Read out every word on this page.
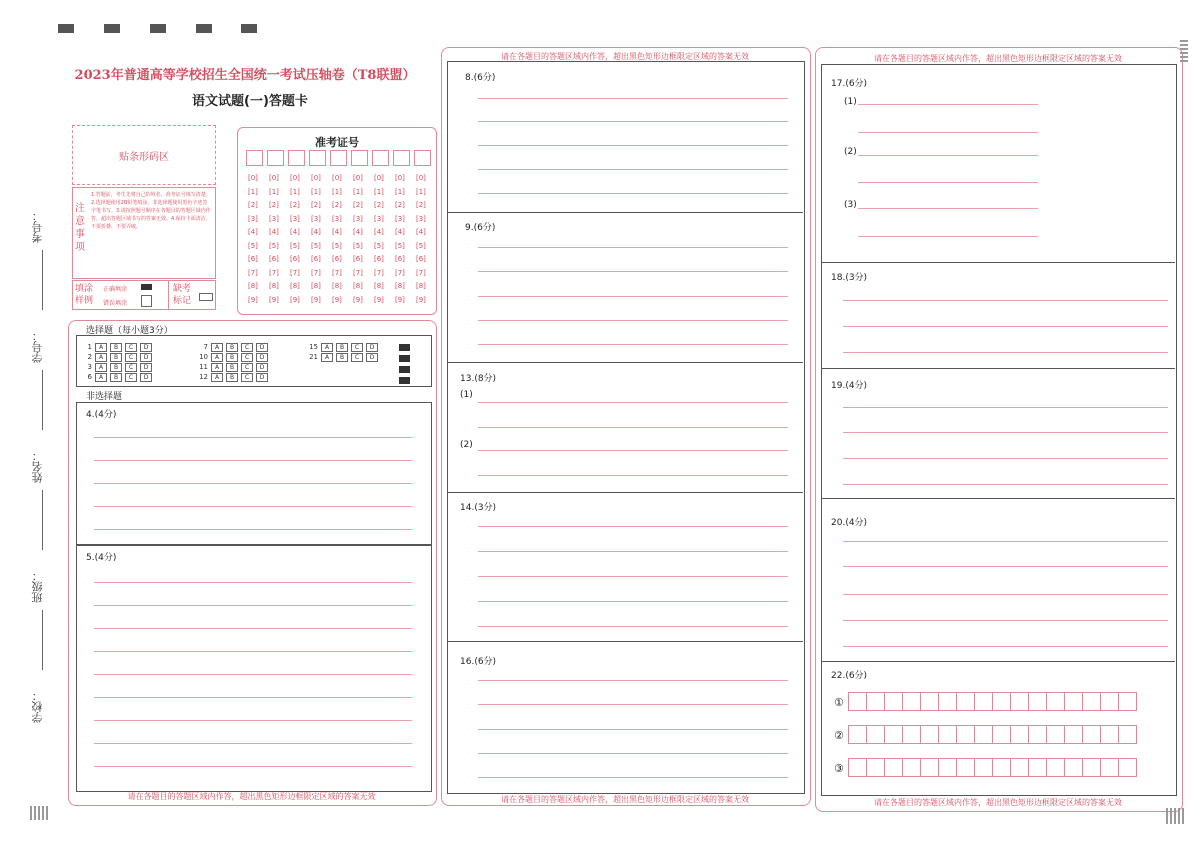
考号：
学号：
姓名：
班级：
学校：
2023年普通高等学校招生全国统一考试压轴卷（T8联盟）
语文试题(一)答题卡
贴条形码区
注意事项
1.答题前，考生先将自己的姓名、准考证号填写清楚。2.选择题使用2B铅笔填涂，非选择题使用黑色字迹签字笔书写。3.请按照题号顺序在各题目的答题区域内作答，超出答题区域书写的答案无效。4.保持卡面清洁，不要折叠、不要弄破。
填涂样例
正确填涂
错误填涂
缺考标记
准考证号
[0] [0] [0] [0] [0] [0] [0] [0] [0]
[1] [1] [1] [1] [1] [1] [1] [1] [1]
[2] [2] [2] [2] [2] [2] [2] [2] [2]
[3] [3] [3] [3] [3] [3] [3] [3] [3]
[4] [4] [4] [4] [4] [4] [4] [4] [4]
[5] [5] [5] [5] [5] [5] [5] [5] [5]
[6] [6] [6] [6] [6] [6] [6] [6] [6]
[7] [7] [7] [7] [7] [7] [7] [7] [7]
[8] [8] [8] [8] [8] [8] [8] [8] [8]
[9] [9] [9] [9] [9] [9] [9] [9] [9]
选择题（每小题3分）
1 A B C D
2 A B C D
3 A B C D
6 A B C D
7 A B C D
10 A B C D
11 A B C D
12 A B C D
15 A B C D
21 A B C D
非选择题
4.(4分)
5.(4分)
请在各题目的答题区域内作答，超出黑色矩形边框限定区域的答案无效
请在各题目的答题区域内作答，超出黑色矩形边框限定区域的答案无效
请在各题目的答题区域内作答，超出黑色矩形边框限定区域的答案无效
8.(6分)
9.(6分)
13.(8分)
(1)
(2)
14.(3分)
16.(6分)
请在各题目的答题区域内作答，超出黑色矩形边框限定区域的答案无效
请在各题目的答题区域内作答，超出黑色矩形边框限定区域的答案无效
17.(6分)
(1)
(2)
(3)
18.(3分)
19.(4分)
20.(4分)
22.(6分)
①
②
③
